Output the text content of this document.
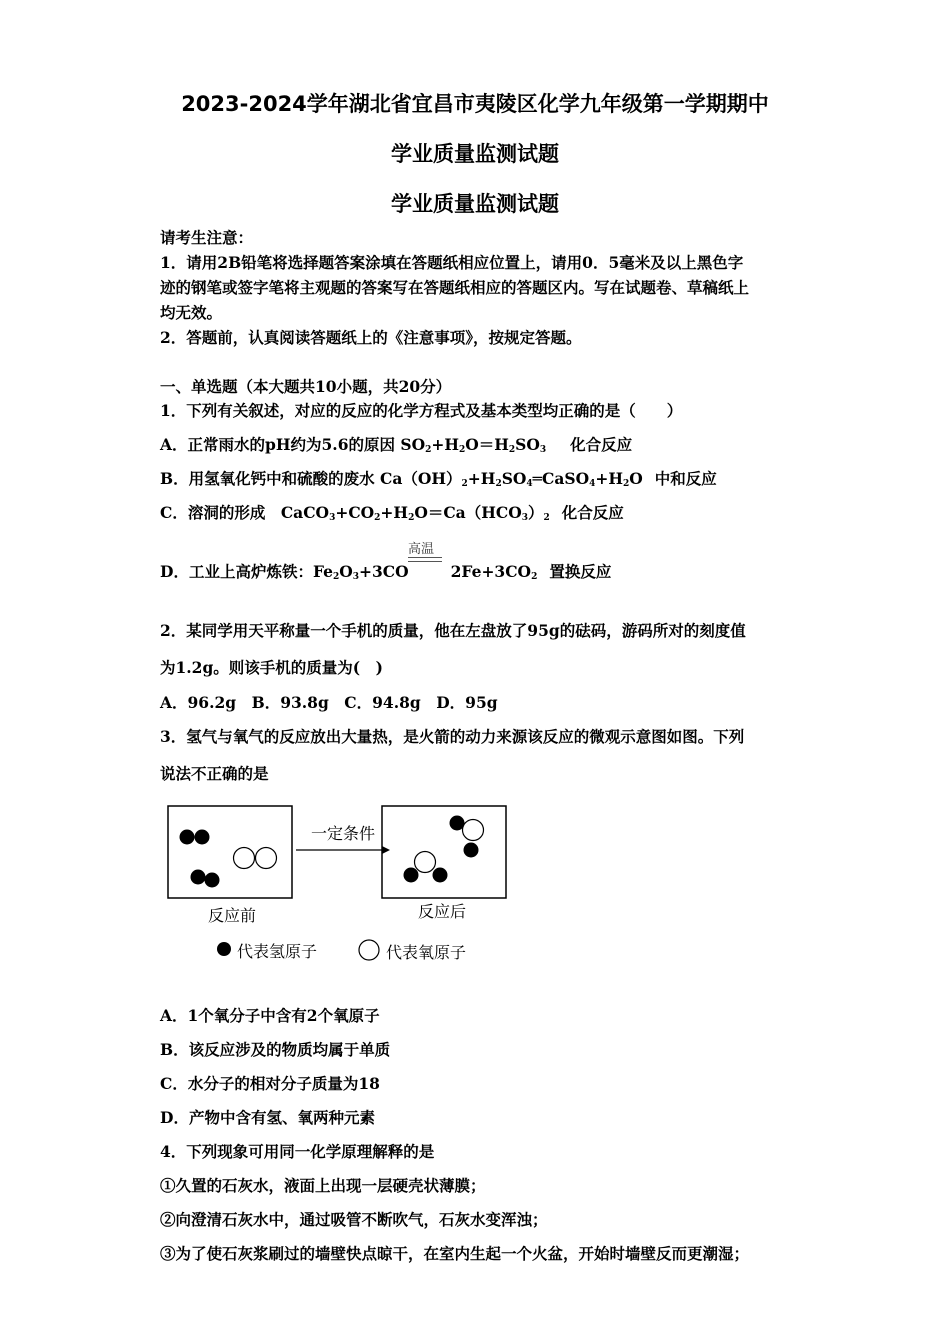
2023-2024学年湖北省宜昌市夷陵区化学九年级第一学期期中
学业质量监测试题
学业质量监测试题
请考生注意：
1．请用2B铅笔将选择题答案涂填在答题纸相应位置上，请用0．5毫米及以上黑色字
迹的钢笔或签字笔将主观题的答案写在答题纸相应的答题区内。写在试题卷、草稿纸上
均无效。
2．答题前，认真阅读答题纸上的《注意事项》，按规定答题。
一、单选题（本大题共10小题，共20分）
1．下列有关叙述，对应的反应的化学方程式及基本类型均正确的是（　　）
A．正常雨水的pH约为5.6的原因 $SO_2+H_2O=H_2SO_3$ 化合反应
B．用氢氧化钙中和硫酸的废水 $Ca(OH)_2+H_2SO_4═CaSO_4+H_2O$ 中和反应
C．溶洞的形成　$CaCO_3+CO_2+H_2O=Ca(HCO_3)_2$ 化合反应
高温
D．工业上高炉炼铁：$Fe_2O_3+3CO$	$2Fe+3CO_2$ 置换反应
2．某同学用天平称量一个手机的质量，他在左盘放了95g的砝码，游码所对的刻度值
为1.2g。则该手机的质量为(　)
A．96.2g　B．93.8g　C．94.8g　D．95g
3．氢气与氧气的反应放出大量热，是火箭的动力来源该反应的微观示意图如图。下列
说法不正确的是
一定条件
反应前	反应后
代表氢原子	代表氧原子
A．1个氧分子中含有2个氧原子
B．该反应涉及的物质均属于单质
C．水分子的相对分子质量为18
D．产物中含有氢、氧两种元素
4．下列现象可用同一化学原理解释的是
①久置的石灰水，液面上出现一层硬壳状薄膜；
②向澄清石灰水中，通过吸管不断吹气，石灰水变浑浊；
③为了使石灰浆刷过的墙壁快点晾干，在室内生起一个火盆，开始时墙壁反而更潮湿；
